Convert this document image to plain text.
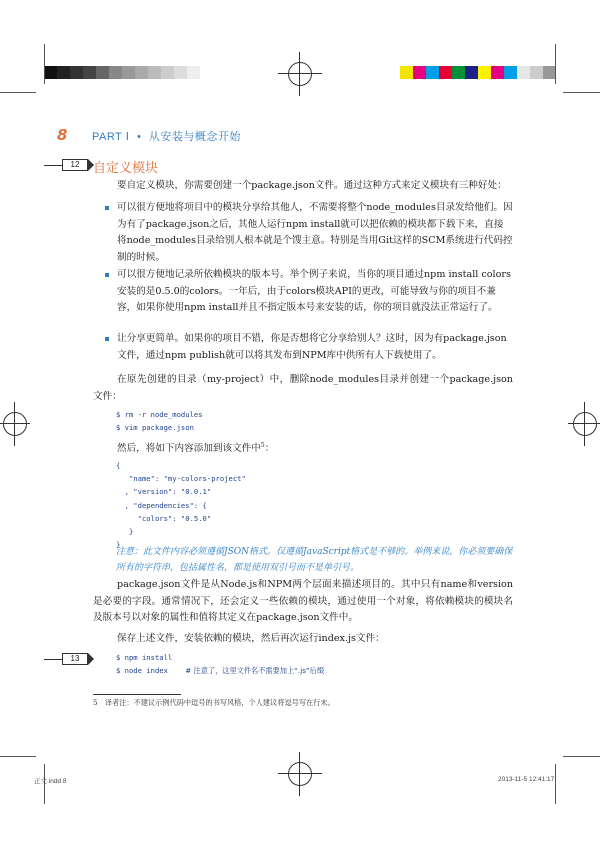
8 PART Ⅰ • 从安装与概念开始
12	自定义模块
要自定义模块，你需要创建一个package.json文件。通过这种方式来定义模块有三种好处：
可以很方便地将项目中的模块分享给其他人，不需要将整个node_modules目录发给他们。因为有了package.json之后，其他人运行npm install就可以把依赖的模块都下载下来，直接将node_modules目录给别人根本就是个馊主意。特别是当用Git这样的SCM系统进行代码控制的时候。
可以很方便地记录所依赖模块的版本号。举个例子来说，当你的项目通过npm install colors安装的是0.5.0的colors。一年后，由于colors模块API的更改，可能导致与你的项目不兼容，如果你使用npm install并且不指定版本号来安装的话，你的项目就没法正常运行了。
让分享更简单。如果你的项目不错，你是否想将它分享给别人？这时，因为有package.json文件，通过npm publish就可以将其发布到NPM库中供所有人下载使用了。
在原先创建的目录（my-project）中，删除node_modules目录并创建一个package.json文件：
$ rm -r node_modules
$ vim package.json
然后，将如下内容添加到该文件中$^5$：
{
"name": "my-colors-project"
, "version": "0.0.1"
, "dependencies": {
"colors": "0.5.0"
}
}
注意：此文件内容必须遵循JSON格式。仅遵循JavaScript格式是不够的。举例来说，你必须要确保所有的字符串，包括属性名，都是使用双引号而不是单引号。
package.json文件是从Node.js和NPM两个层面来描述项目的。其中只有name和version是必要的字段。通常情况下，还会定义一些依赖的模块，通过使用一个对象，将依赖模块的模块名及版本号以对象的属性和值将其定义在package.json文件中。
保存上述文件，安装依赖的模块，然后再次运行index.js文件：
13	$ npm install
$ node index # 注意了，这里文件名不需要加上“.js”后缀
5　译者注：不建议示例代码中逗号的书写风格，个人建议将逗号写在行末。
正文.indd 8	2013-11-5 12:41:17
